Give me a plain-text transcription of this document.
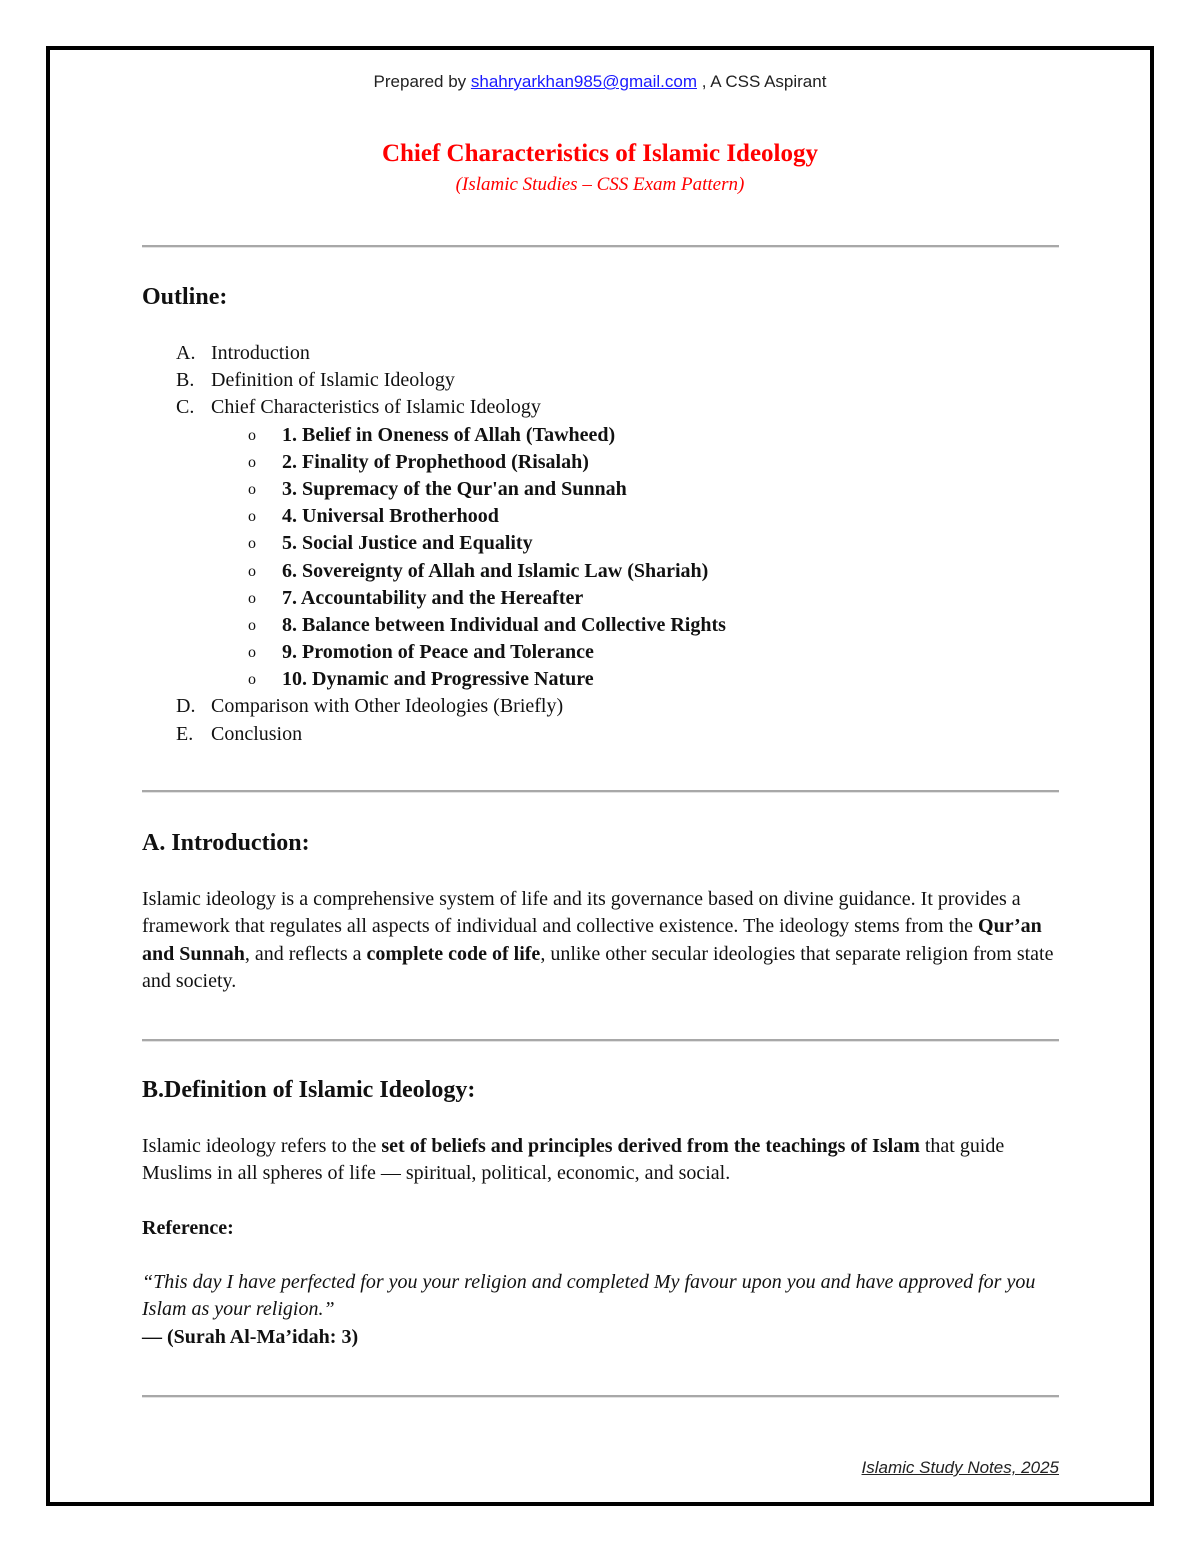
Prepared by shahryarkhan985@gmail.com , A CSS Aspirant
Chief Characteristics of Islamic Ideology
(Islamic Studies – CSS Exam Pattern)
Outline:
A. Introduction
B. Definition of Islamic Ideology
C. Chief Characteristics of Islamic Ideology
o 1. Belief in Oneness of Allah (Tawheed)
o 2. Finality of Prophethood (Risalah)
o 3. Supremacy of the Qur'an and Sunnah
o 4. Universal Brotherhood
o 5. Social Justice and Equality
o 6. Sovereignty of Allah and Islamic Law (Shariah)
o 7. Accountability and the Hereafter
o 8. Balance between Individual and Collective Rights
o 9. Promotion of Peace and Tolerance
o 10. Dynamic and Progressive Nature
D. Comparison with Other Ideologies (Briefly)
E. Conclusion
A. Introduction:
Islamic ideology is a comprehensive system of life and its governance based on divine guidance. It provides a framework that regulates all aspects of individual and collective existence. The ideology stems from the Qur’an and Sunnah, and reflects a complete code of life, unlike other secular ideologies that separate religion from state and society.
B.Definition of Islamic Ideology:
Islamic ideology refers to the set of beliefs and principles derived from the teachings of Islam that guide Muslims in all spheres of life — spiritual, political, economic, and social.
Reference:
“This day I have perfected for you your religion and completed My favour upon you and have approved for you Islam as your religion.”
— (Surah Al-Ma’idah: 3)
Islamic Study Notes, 2025
